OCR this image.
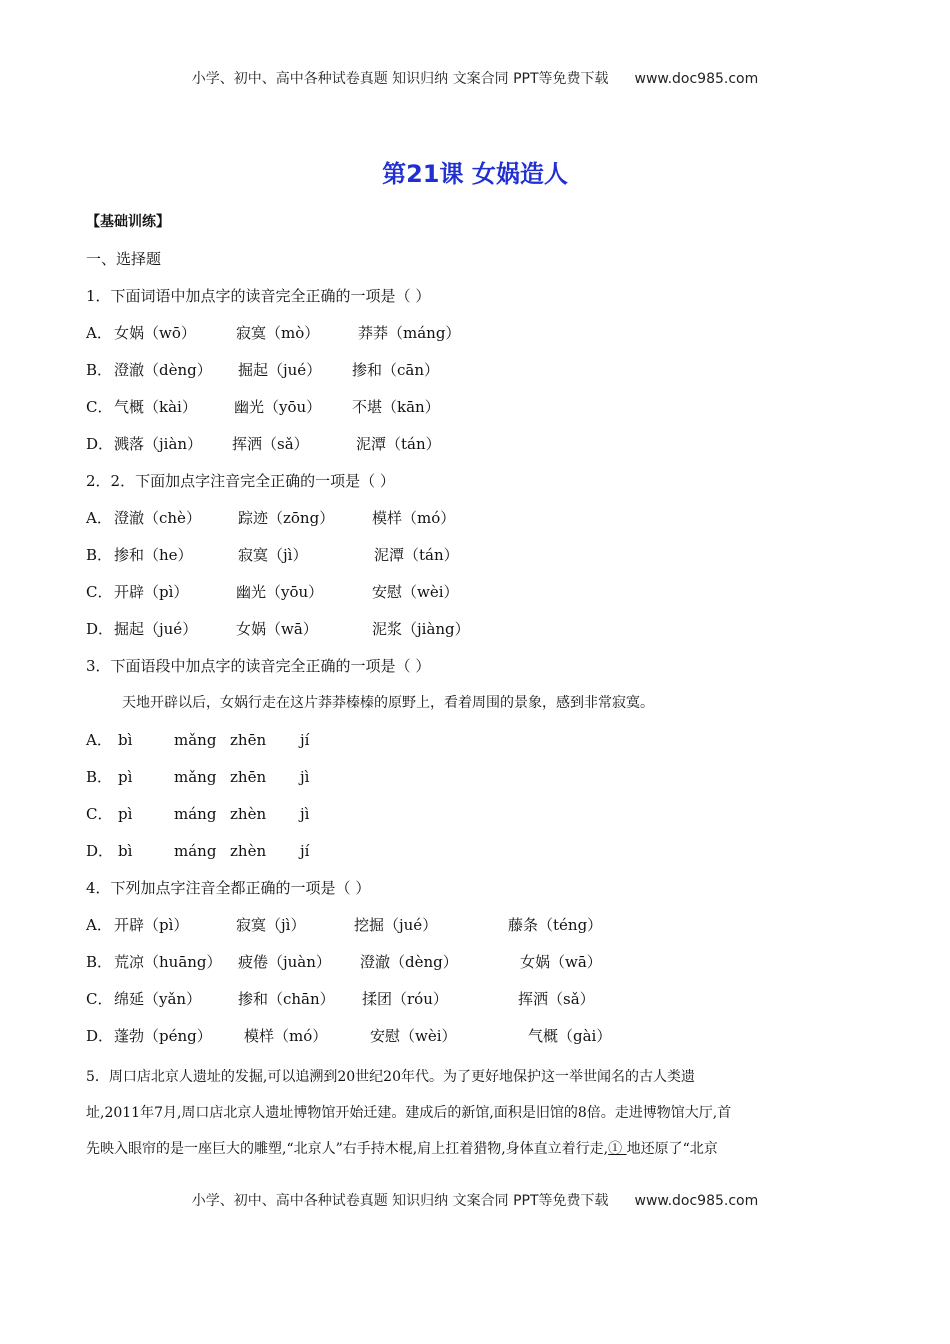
小学、初中、高中各种试卷真题 知识归纳 文案合同 PPT等免费下载 www.doc985.com
第21课 女娲造人
【基础训练】
一、选择题
1．下面词语中加点字的读音完全正确的一项是（ ）
A． 女娲（wō）	寂寞（mò）	莽莽（máng）
B． 澄澈（dèng）	掘起（jué）	掺和（cān）
C． 气概（kài）	幽光（yōu）	不堪（kān）
D． 溅落（jiàn）	挥洒（sǎ）	泥潭（tán）
2．2．下面加点字注音完全正确的一项是（ ）
A． 澄澈（chè）	踪迹（zōng）	模样（mó）
B． 掺和（he）	寂寞（jì）	泥潭（tán）
C． 开辟（pì）	幽光（yōu）	安慰（wèi）
D． 掘起（jué）	女娲（wā）	泥浆（jiàng）
3．下面语段中加点字的读音完全正确的一项是（ ）
天地开辟以后，女娲行走在这片莽莽榛榛的原野上，看着周围的景象，感到非常寂寞。
A． bì	mǎng zhēn	jí
B． pì	mǎng zhēn	jì
C． pì	máng zhèn	jì
D． bì	máng zhèn	jí
4．下列加点字注音全都正确的一项是（ ）
A． 开辟（pì）	寂寞（jì）	挖掘（jué）	藤条（téng）
B． 荒凉（huāng）	疲倦（juàn）	澄澈（dèng）	女娲（wā）
C． 绵延（yǎn）	掺和（chān）	揉团（róu）	挥洒（sǎ）
D． 蓬勃（péng）	模样（mó）	安慰（wèi）	气概（gài）
5．周口店北京人遗址的发掘,可以追溯到20世纪20年代。为了更好地保护这一举世闻名的古人类遗
址,2011年7月,周口店北京人遗址博物馆开始迁建。建成后的新馆,面积是旧馆的8倍。走进博物馆大厅,首
先映入眼帘的是一座巨大的雕塑,“北京人”右手持木棍,肩上扛着猎物,身体直立着行走,① 地还原了“北京
小学、初中、高中各种试卷真题 知识归纳 文案合同 PPT等免费下载 www.doc985.com
